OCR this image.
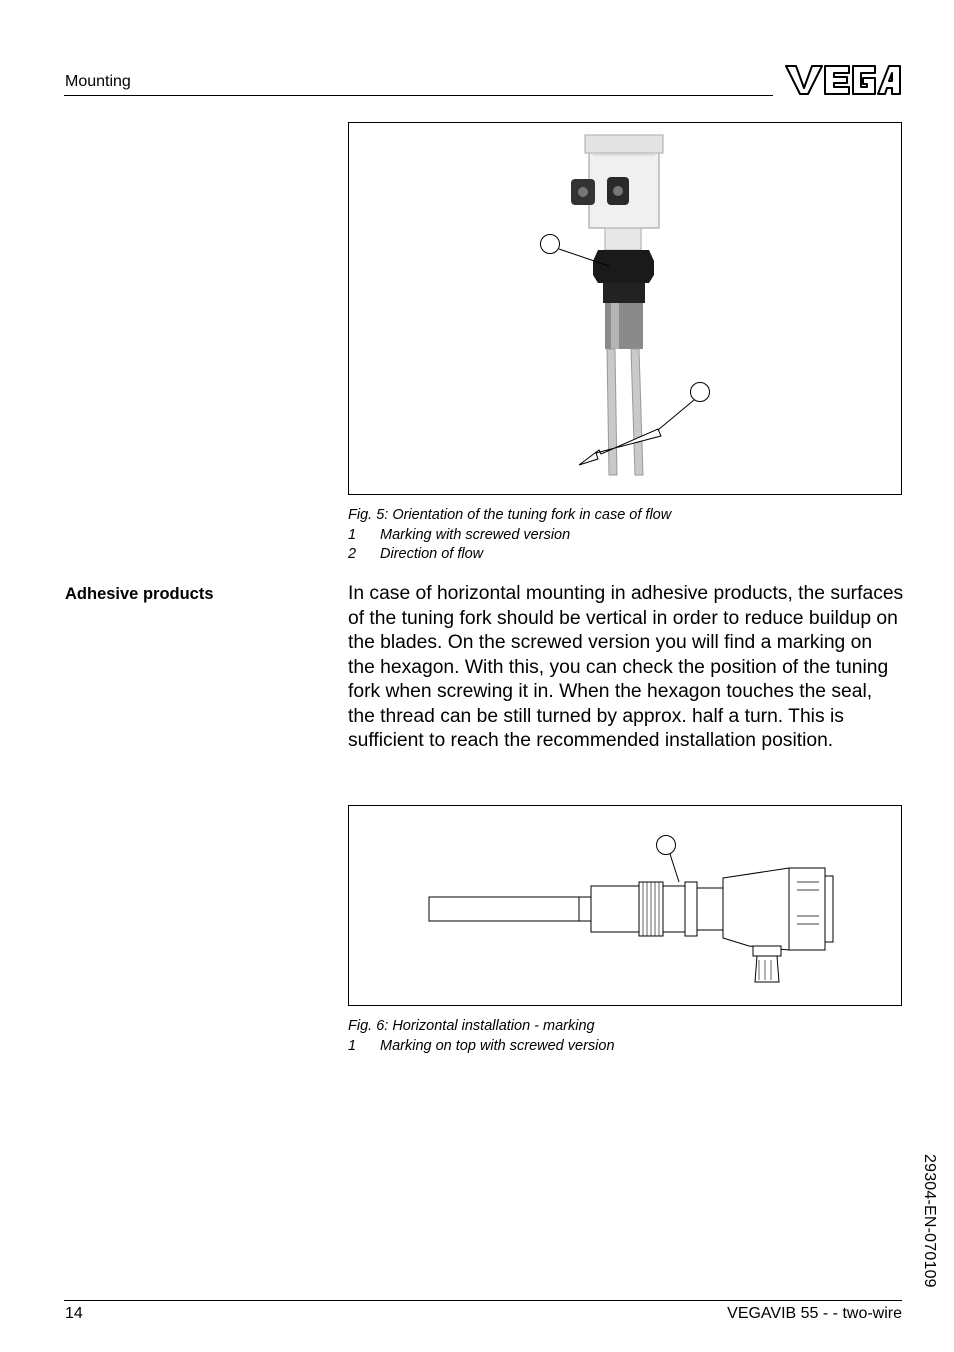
Mounting
Fig. 5: Orientation of the tuning fork in case of flow
1	Marking with screwed version
2	Direction of flow
Adhesive products	In case of horizontal mounting in adhesive products, the surfaces of the tuning fork should be vertical in order to reduce buildup on the blades. On the screwed version you will find a marking on the hexagon. With this, you can check the position of the tuning fork when screwing it in. When the hexagon touches the seal, the thread can be still turned by approx. half a turn. This is sufficient to reach the recommended installation position.
Fig. 6: Horizontal installation - marking
1	Marking on top with screwed version
29304-EN-070109
14	VEGAVIB 55 - - two-wire
